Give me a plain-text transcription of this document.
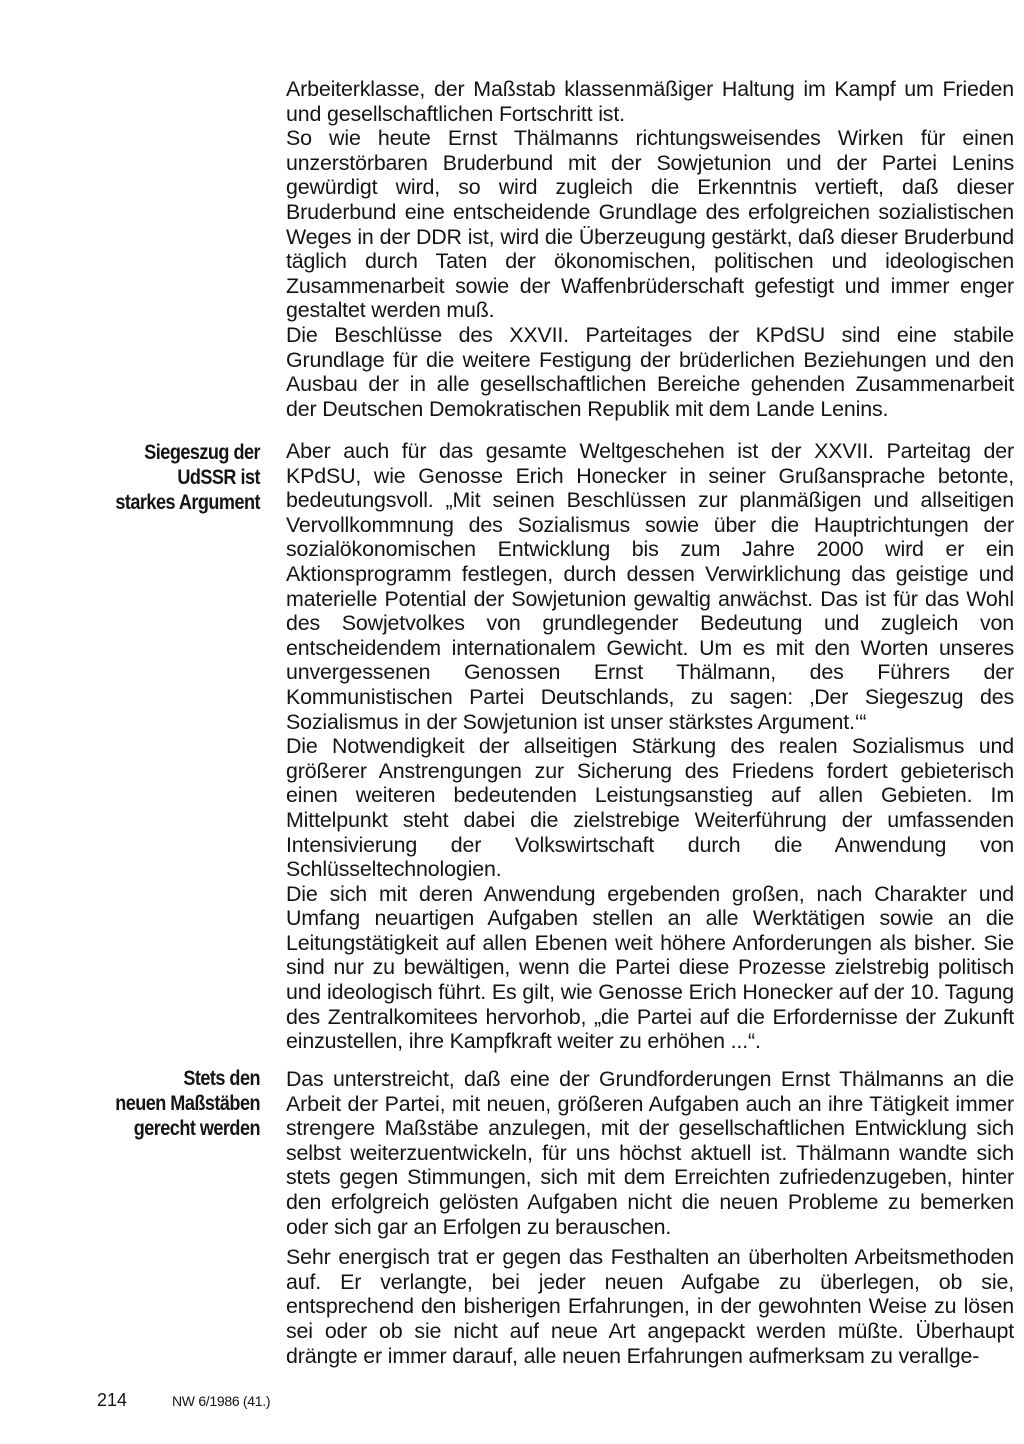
Arbeiterklasse, der Maßstab klassenmäßiger Haltung im Kampf um Frieden und gesellschaftlichen Fortschritt ist.

So wie heute Ernst Thälmanns richtungsweisendes Wirken für einen unzerstörbaren Bruderbund mit der Sowjetunion und der Partei Lenins gewürdigt wird, so wird zugleich die Erkenntnis vertieft, daß dieser Bruderbund eine entscheidende Grundlage des erfolgreichen sozialistischen Weges in der DDR ist, wird die Überzeugung gestärkt, daß dieser Bruderbund täglich durch Taten der ökonomischen, politischen und ideologischen Zusammenarbeit sowie der Waffenbrüderschaft gefestigt und immer enger gestaltet werden muß.

Die Beschlüsse des XXVII. Parteitages der KPdSU sind eine stabile Grundlage für die weitere Festigung der brüderlichen Beziehungen und den Ausbau der in alle gesellschaftlichen Bereiche gehenden Zusammenarbeit der Deutschen Demokratischen Republik mit dem Lande Lenins.

Siegeszug der
UdSSR ist
starkes Argument

Aber auch für das gesamte Weltgeschehen ist der XXVII. Parteitag der KPdSU, wie Genosse Erich Honecker in seiner Grußansprache betonte, bedeutungsvoll. „Mit seinen Beschlüssen zur planmäßigen und allseitigen Vervollkommnung des Sozialismus sowie über die Hauptrichtungen der sozialökonomischen Entwicklung bis zum Jahre 2000 wird er ein Aktionsprogramm festlegen, durch dessen Verwirklichung das geistige und materielle Potential der Sowjetunion gewaltig anwächst. Das ist für das Wohl des Sowjetvolkes von grundlegender Bedeutung und zugleich von entscheidendem internationalem Gewicht. Um es mit den Worten unseres unvergessenen Genossen Ernst Thälmann, des Führers der Kommunistischen Partei Deutschlands, zu sagen: ‚Der Siegeszug des Sozialismus in der Sowjetunion ist unser stärkstes Argument.‘“

Die Notwendigkeit der allseitigen Stärkung des realen Sozialismus und größerer Anstrengungen zur Sicherung des Friedens fordert gebieterisch einen weiteren bedeutenden Leistungsanstieg auf allen Gebieten. Im Mittelpunkt steht dabei die zielstrebige Weiterführung der umfassenden Intensivierung der Volkswirtschaft durch die Anwendung von Schlüsseltechnologien.

Die sich mit deren Anwendung ergebenden großen, nach Charakter und Umfang neuartigen Aufgaben stellen an alle Werktätigen sowie an die Leitungstätigkeit auf allen Ebenen weit höhere Anforderungen als bisher. Sie sind nur zu bewältigen, wenn die Partei diese Prozesse zielstrebig politisch und ideologisch führt. Es gilt, wie Genosse Erich Honecker auf der 10. Tagung des Zentralkomitees hervorhob, „die Partei auf die Erfordernisse der Zukunft einzustellen, ihre Kampfkraft weiter zu erhöhen ...“.

Stets den
neuen Maßstäben
gerecht werden

Das unterstreicht, daß eine der Grundforderungen Ernst Thälmanns an die Arbeit der Partei, mit neuen, größeren Aufgaben auch an ihre Tätigkeit immer strengere Maßstäbe anzulegen, mit der gesellschaftlichen Entwicklung sich selbst weiterzuentwickeln, für uns höchst aktuell ist. Thälmann wandte sich stets gegen Stimmungen, sich mit dem Erreichten zufriedenzugeben, hinter den erfolgreich gelösten Aufgaben nicht die neuen Probleme zu bemerken oder sich gar an Erfolgen zu berauschen.

Sehr energisch trat er gegen das Festhalten an überholten Arbeitsmethoden auf. Er verlangte, bei jeder neuen Aufgabe zu überlegen, ob sie, entsprechend den bisherigen Erfahrungen, in der gewohnten Weise zu lösen sei oder ob sie nicht auf neue Art angepackt werden müßte. Überhaupt drängte er immer darauf, alle neuen Erfahrungen aufmerksam zu verallge-

214	NW 6/1986 (41.)
